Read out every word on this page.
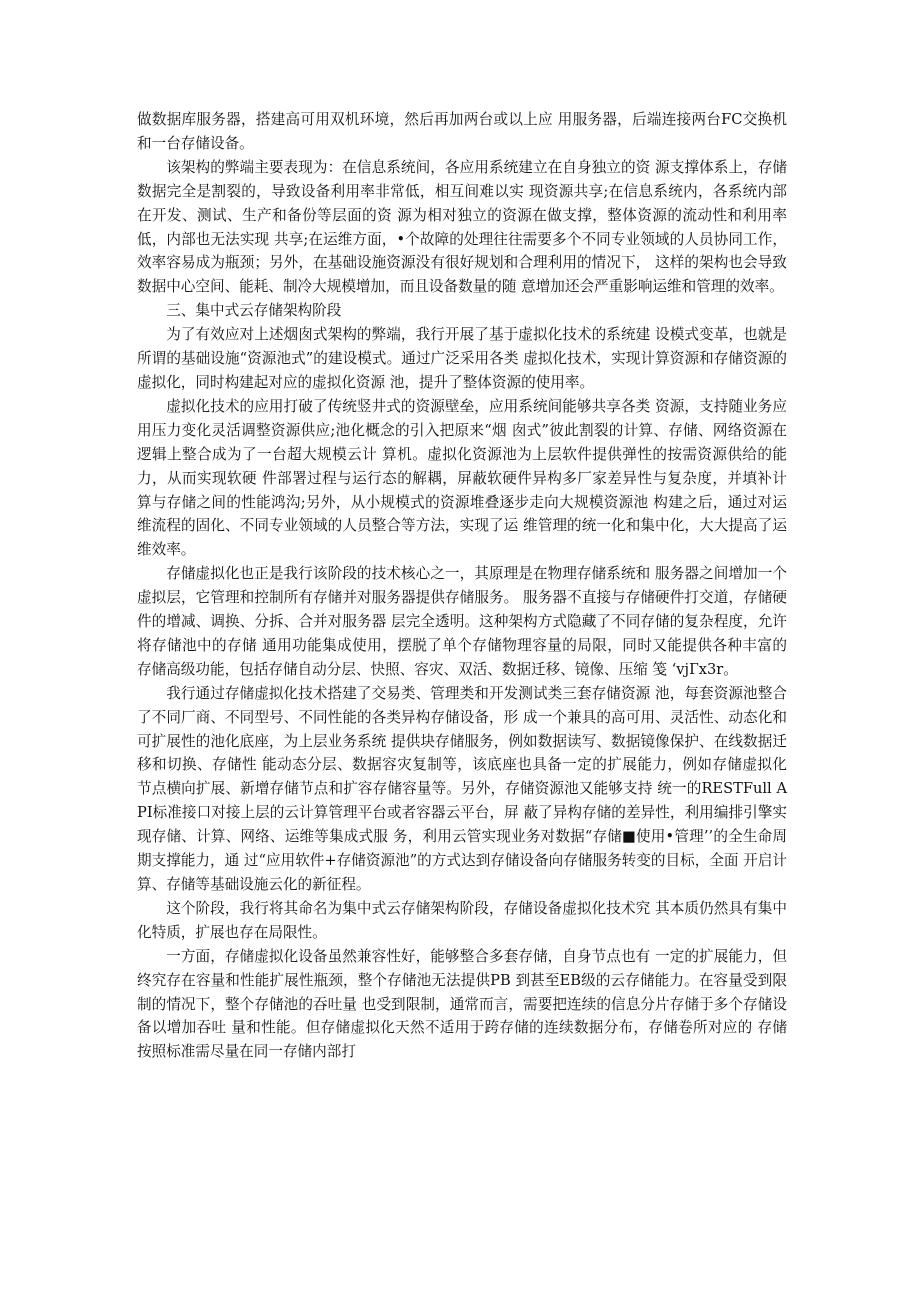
做数据库服务器，搭建高可用双机环境，然后再加两台或以上应 用服务器，后端连接两台FC交换机和一台存储设备。

该架构的弊端主要表现为：在信息系统间，各应用系统建立在自身独立的资 源支撑体系上，存储数据完全是割裂的，导致设备利用率非常低，相互间难以实 现资源共享;在信息系统内，各系统内部在开发、测试、生产和备份等层面的资 源为相对独立的资源在做支撑，整体资源的流动性和利用率低，内部也无法实现 共享;在运维方面，•个故障的处理往往需要多个不同专业领域的人员协同工作，效率容易成为瓶颈；另外，在基础设施资源没有很好规划和合理利用的情况下， 这样的架构也会导致数据中心空间、能耗、制冷大规模增加，而且设备数量的随 意增加还会严重影响运维和管理的效率。

三、集中式云存储架构阶段

为了有效应对上述烟囱式架构的弊端，我行开展了基于虚拟化技术的系统建 设模式变革，也就是所谓的基础设施“资源池式”的建设模式。通过广泛采用各类 虚拟化技术，实现计算资源和存储资源的虚拟化，同时构建起对应的虚拟化资源 池，提升了整体资源的使用率。

虚拟化技术的应用打破了传统竖井式的资源壁垒，应用系统间能够共享各类 资源，支持随业务应用压力变化灵活调整资源供应;池化概念的引入把原来“烟 囱式”彼此割裂的计算、存储、网络资源在逻辑上整合成为了一台超大规模云计 算机。虚拟化资源池为上层软件提供弹性的按需资源供给的能力，从而实现软硬 件部署过程与运行态的解耦，屏蔽软硬件异构多厂家差异性与复杂度，并填补计 算与存储之间的性能鸿沟;另外，从小规模式的资源堆叠逐步走向大规模资源池 构建之后，通过对运维流程的固化、不同专业领域的人员整合等方法，实现了运 维管理的统一化和集中化，大大提高了运维效率。

存储虚拟化也正是我行该阶段的技术核心之一，其原理是在物理存储系统和 服务器之间增加一个虚拟层，它管理和控制所有存储并对服务器提供存储服务。 服务器不直接与存储硬件打交道，存储硬件的增减、调换、分拆、合并对服务器 层完全透明。这种架构方式隐藏了不同存储的复杂程度，允许将存储池中的存储 通用功能集成使用，摆脱了单个存储物理容量的局限，同时又能提供各种丰富的 存储高级功能，包括存储自动分层、快照、容灾、双活、数据迁移、镜像、压缩 笺 ‘vjГx3r。

我行通过存储虚拟化技术搭建了交易类、管理类和开发测试类三套存储资源 池，每套资源池整合了不同厂商、不同型号、不同性能的各类异构存储设备，形 成一个兼具的高可用、灵活性、动态化和可扩展性的池化底座，为上层业务系统 提供块存储服务，例如数据读写、数据镜像保护、在线数据迁移和切换、存储性 能动态分层、数据容灾复制等，该底座也具备一定的扩展能力，例如存储虚拟化 节点横向扩展、新增存储节点和扩容存储容量等。另外，存储资源池又能够支持 统一的RESTFull API标准接口对接上层的云计算管理平台或者容器云平台，屏 蔽了异构存储的差异性，利用编排引擎实现存储、计算、网络、运维等集成式服 务，利用云管实现业务对数据“存储■使用•管理’’的全生命周期支撑能力，通 过“应用软件+存储资源池”的方式达到存储设备向存储服务转变的目标，全面 开启计算、存储等基础设施云化的新征程。

这个阶段，我行将其命名为集中式云存储架构阶段，存储设备虚拟化技术究 其本质仍然具有集中化特质，扩展也存在局限性。

一方面，存储虚拟化设备虽然兼容性好，能够整合多套存储，自身节点也有 一定的扩展能力，但终究存在容量和性能扩展性瓶颈，整个存储池无法提供PB 到甚至EB级的云存储能力。在容量受到限制的情况下，整个存储池的吞吐量 也受到限制，通常而言，需要把连续的信息分片存储于多个存储设备以增加吞吐 量和性能。但存储虚拟化天然不适用于跨存储的连续数据分布，存储卷所对应的 存储按照标准需尽量在同一存储内部打
